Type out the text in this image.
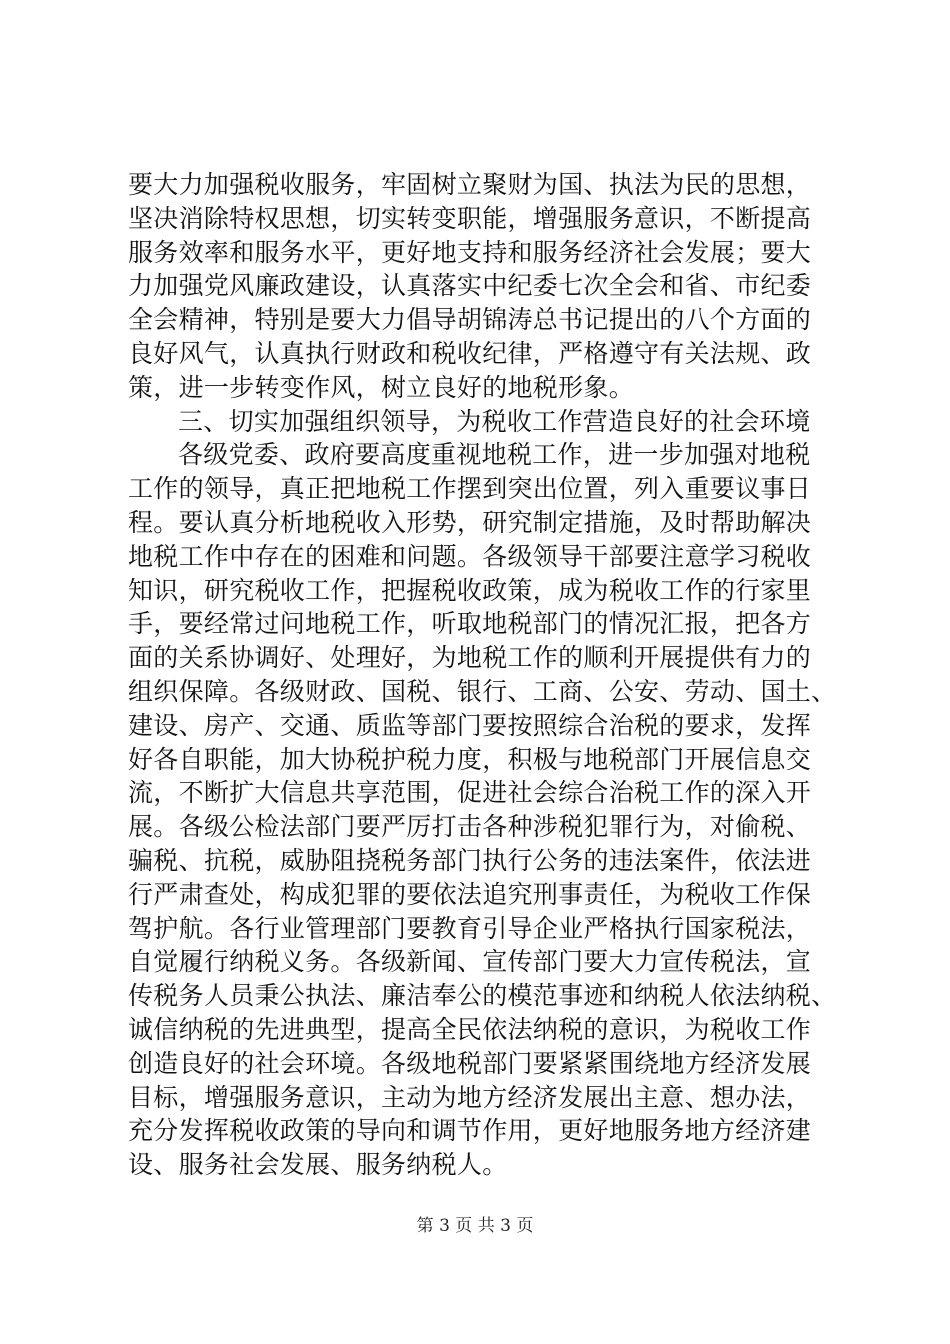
要大力加强税收服务，牢固树立聚财为国、执法为民的思想，
坚决消除特权思想，切实转变职能，增强服务意识，不断提高
服务效率和服务水平，更好地支持和服务经济社会发展；要大
力加强党风廉政建设，认真落实中纪委七次全会和省、市纪委
全会精神，特别是要大力倡导胡锦涛总书记提出的八个方面的
良好风气，认真执行财政和税收纪律，严格遵守有关法规、政
策，进一步转变作风，树立良好的地税形象。
三、切实加强组织领导，为税收工作营造良好的社会环境
各级党委、政府要高度重视地税工作，进一步加强对地税
工作的领导，真正把地税工作摆到突出位置，列入重要议事日
程。要认真分析地税收入形势，研究制定措施，及时帮助解决
地税工作中存在的困难和问题。各级领导干部要注意学习税收
知识，研究税收工作，把握税收政策，成为税收工作的行家里
手，要经常过问地税工作，听取地税部门的情况汇报，把各方
面的关系协调好、处理好，为地税工作的顺利开展提供有力的
组织保障。各级财政、国税、银行、工商、公安、劳动、国土、
建设、房产、交通、质监等部门要按照综合治税的要求，发挥
好各自职能，加大协税护税力度，积极与地税部门开展信息交
流，不断扩大信息共享范围，促进社会综合治税工作的深入开
展。各级公检法部门要严厉打击各种涉税犯罪行为，对偷税、
骗税、抗税，威胁阻挠税务部门执行公务的违法案件，依法进
行严肃查处，构成犯罪的要依法追究刑事责任，为税收工作保
驾护航。各行业管理部门要教育引导企业严格执行国家税法，
自觉履行纳税义务。各级新闻、宣传部门要大力宣传税法，宣
传税务人员秉公执法、廉洁奉公的模范事迹和纳税人依法纳税、
诚信纳税的先进典型，提高全民依法纳税的意识，为税收工作
创造良好的社会环境。各级地税部门要紧紧围绕地方经济发展
目标，增强服务意识，主动为地方经济发展出主意、想办法，
充分发挥税收政策的导向和调节作用，更好地服务地方经济建
设、服务社会发展、服务纳税人。
第 3 页 共 3 页
